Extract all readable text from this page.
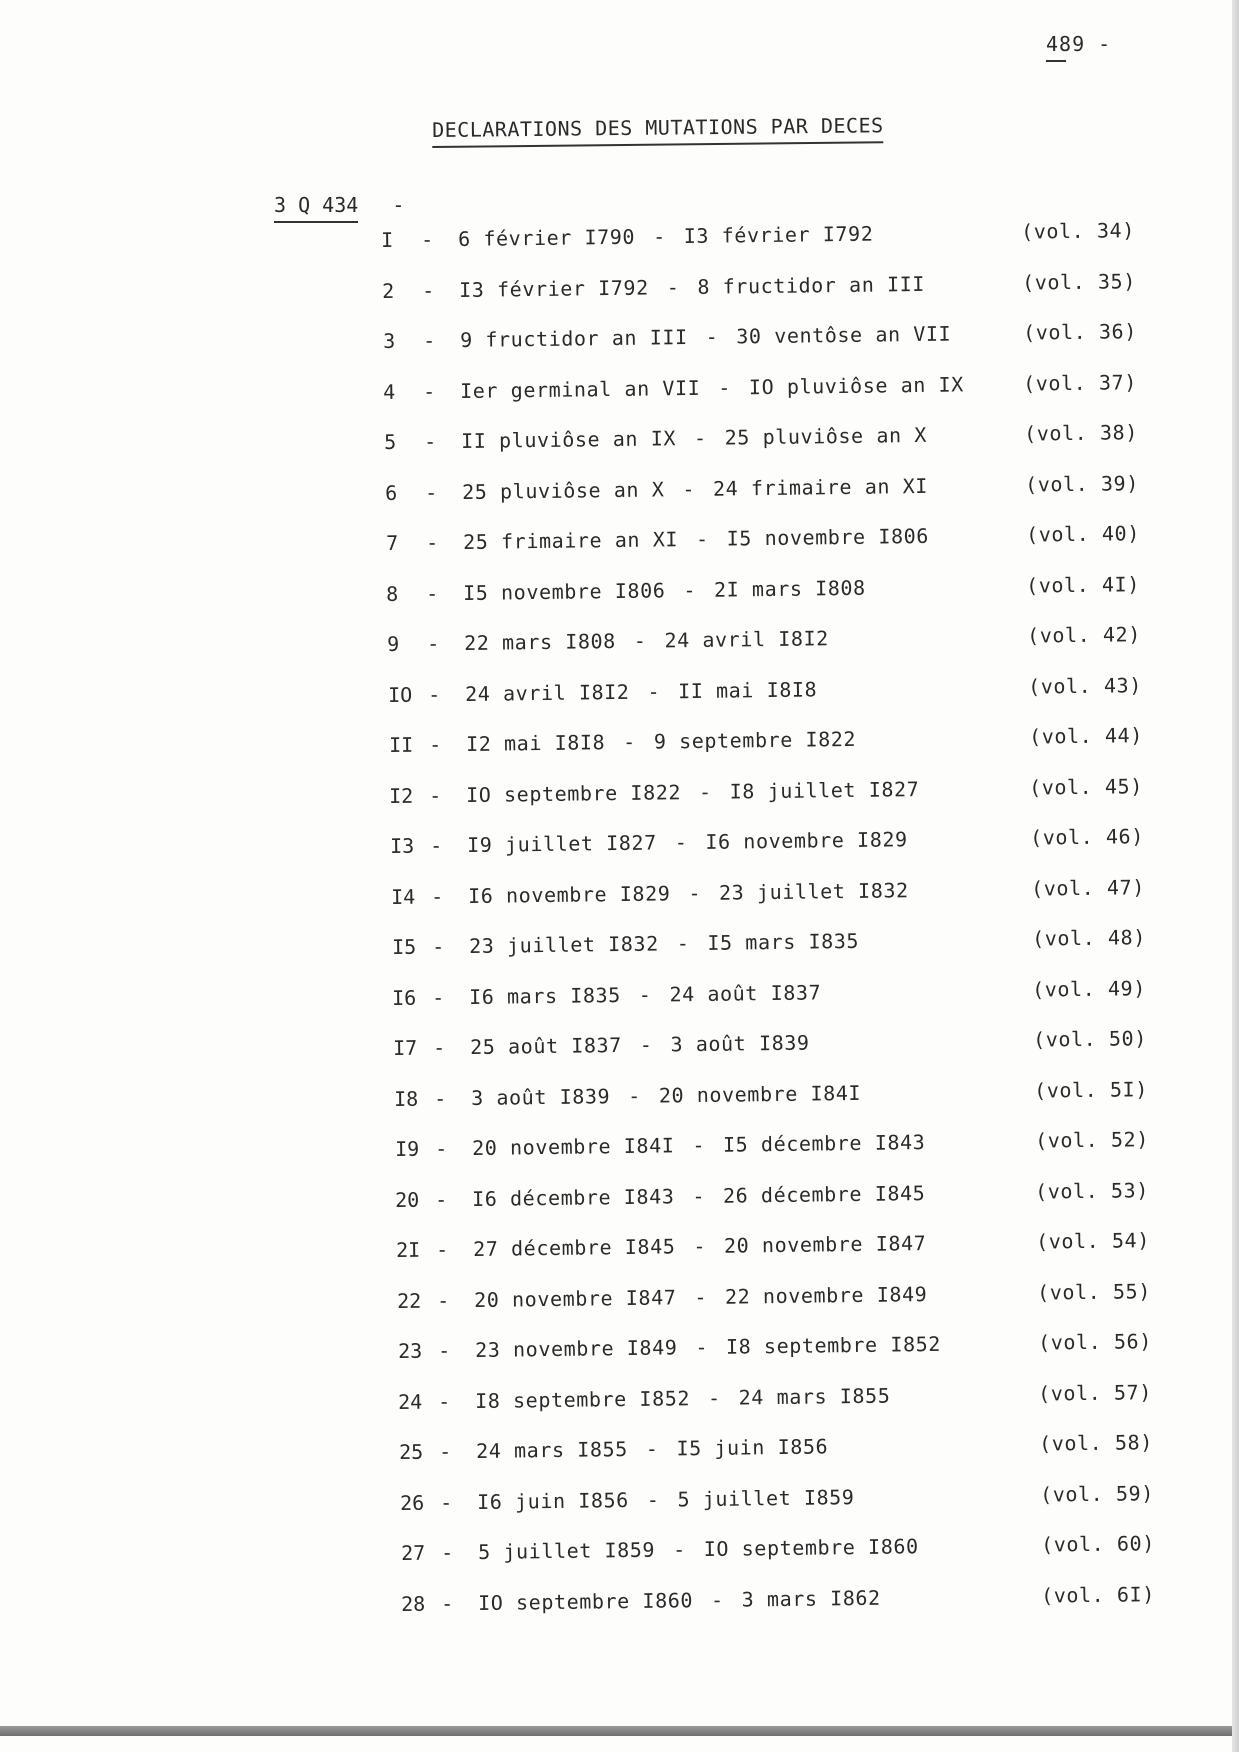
489 -
DECLARATIONS DES MUTATIONS PAR DECES
3 Q 434 -
I - 6 février I790 - I3 février I792	(vol. 34)
2 - I3 février I792 - 8 fructidor an III	(vol. 35)
3 - 9 fructidor an III - 30 ventôse an VII	(vol. 36)
4 - Ier germinal an VII - IO pluviôse an IX	(vol. 37)
5 - II pluviôse an IX - 25 pluviôse an X	(vol. 38)
6 - 25 pluviôse an X - 24 frimaire an XI	(vol. 39)
7 - 25 frimaire an XI - I5 novembre I806	(vol. 40)
8 - I5 novembre I806 - 2I mars I808	(vol. 4I)
9 - 22 mars I808 - 24 avril I8I2	(vol. 42)
IO - 24 avril I8I2 - II mai I8I8	(vol. 43)
II - I2 mai I8I8 - 9 septembre I822	(vol. 44)
I2 - IO septembre I822 - I8 juillet I827	(vol. 45)
I3 - I9 juillet I827 - I6 novembre I829	(vol. 46)
I4 - I6 novembre I829 - 23 juillet I832	(vol. 47)
I5 - 23 juillet I832 - I5 mars I835	(vol. 48)
I6 - I6 mars I835 - 24 août I837	(vol. 49)
I7 - 25 août I837 - 3 août I839	(vol. 50)
I8 - 3 août I839 - 20 novembre I84I	(vol. 5I)
I9 - 20 novembre I84I - I5 décembre I843	(vol. 52)
20 - I6 décembre I843 - 26 décembre I845	(vol. 53)
2I - 27 décembre I845 - 20 novembre I847	(vol. 54)
22 - 20 novembre I847 - 22 novembre I849	(vol. 55)
23 - 23 novembre I849 - I8 septembre I852	(vol. 56)
24 - I8 septembre I852 - 24 mars I855	(vol. 57)
25 - 24 mars I855 - I5 juin I856	(vol. 58)
26 - I6 juin I856 - 5 juillet I859	(vol. 59)
27 - 5 juillet I859 - IO septembre I860	(vol. 60)
28 - IO septembre I860 - 3 mars I862	(vol. 6I)
